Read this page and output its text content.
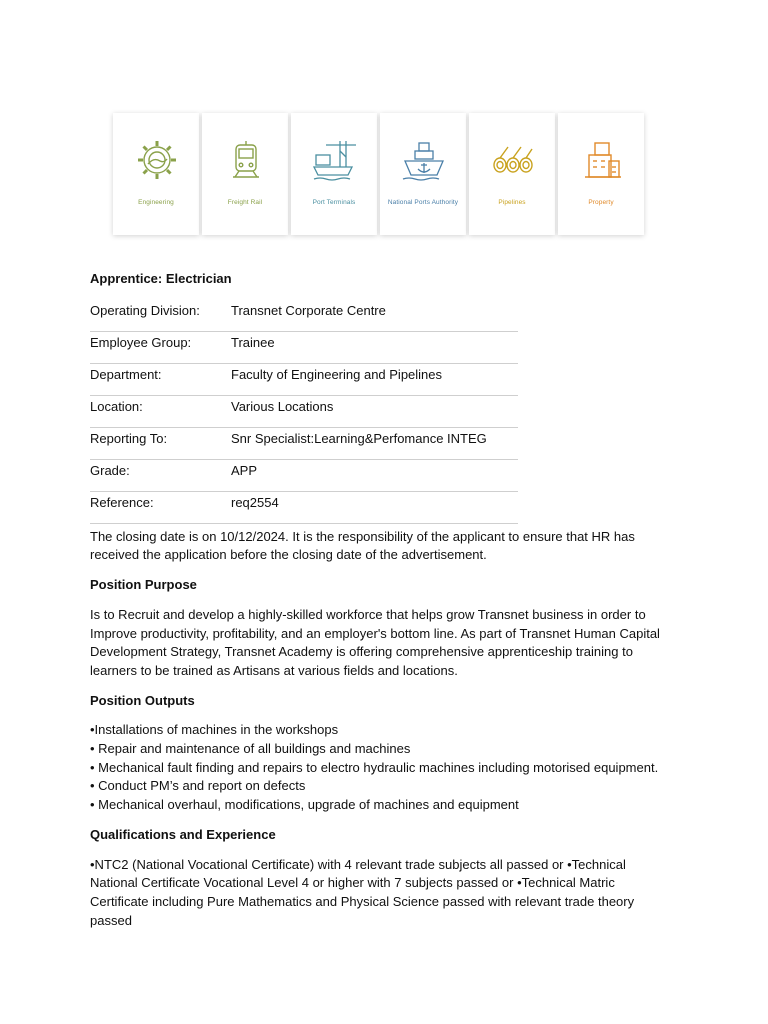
Engineering	Freight Rail	Port Terminals	National Ports Authority	Pipelines	Property
Apprentice: Electrician
Operating Division:	Transnet Corporate Centre
Employee Group:	Trainee
Department:	Faculty of Engineering and Pipelines
Location:	Various Locations
Reporting To:	Snr Specialist:Learning&Perfomance INTEG
Grade:	APP
Reference:	req2554

The closing date is on 10/12/2024. It is the responsibility of the applicant to ensure that HR has received the application before the closing date of the advertisement.

Position Purpose

Is to Recruit and develop a highly-skilled workforce that helps grow Transnet business in order to Improve productivity, profitability, and an employer's bottom line. As part of Transnet Human Capital Development Strategy, Transnet Academy is offering comprehensive apprenticeship training to learners to be trained as Artisans at various fields and locations.

Position Outputs
•Installations of machines in the workshops
• Repair and maintenance of all buildings and machines
• Mechanical fault finding and repairs to electro hydraulic machines including motorised equipment.
• Conduct PM’s and report on defects
• Mechanical overhaul, modifications, upgrade of machines and equipment
Qualifications and Experience

•NTC2 (National Vocational Certificate) with 4 relevant trade subjects all passed or •Technical National Certificate Vocational Level 4 or higher with 7 subjects passed or •Technical Matric Certificate including Pure Mathematics and Physical Science passed with relevant trade theory passed
